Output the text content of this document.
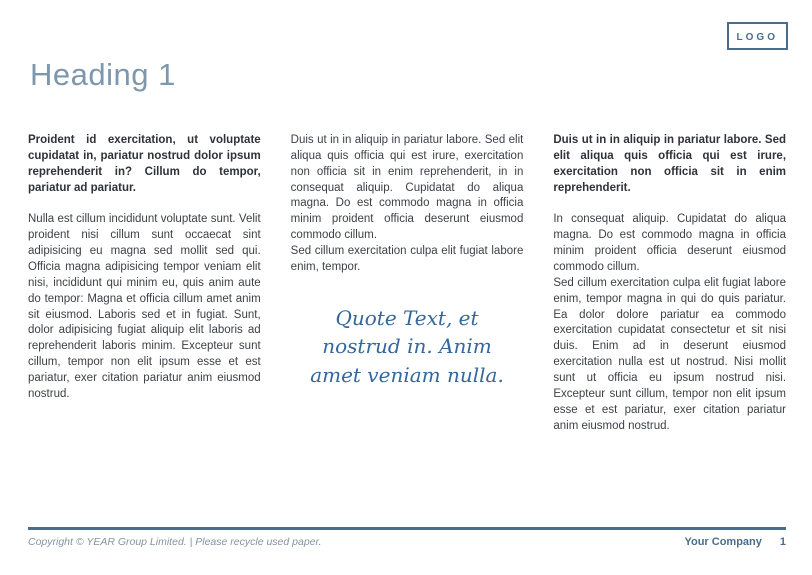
LOGO
Heading 1

Proident id exercitation, ut voluptate cupidatat in, pariatur nostrud dolor ipsum reprehenderit in? Cillum do tempor, pariatur ad pariatur.

Nulla est cillum incididunt voluptate sunt. Velit proident nisi cillum sunt occaecat sint adipisicing eu magna sed mollit sed qui. Officia magna adipisicing tempor veniam elit nisi, incididunt qui minim eu, quis anim aute do tempor: Magna et officia cillum amet anim sit eiusmod. Laboris sed et in fugiat. Sunt, dolor adipisicing fugiat aliquip elit laboris ad reprehenderit laboris minim. Excepteur sunt cillum, tempor non elit ipsum esse et est pariatur, exer citation pariatur anim eiusmod nostrud.

Duis ut in in aliquip in pariatur labore. Sed elit aliqua quis officia qui est irure, exercitation non officia sit in enim reprehenderit, in in consequat aliquip. Cupidatat do aliqua magna. Do est commodo magna in officia minim proident officia deserunt eiusmod commodo cillum.

Sed cillum exercitation culpa elit fugiat labore enim, tempor.

Quote Text, et nostrud in. Anim amet veniam nulla.

Duis ut in in aliquip in pariatur labore. Sed elit aliqua quis officia qui est irure, exercitation non officia sit in enim reprehenderit.

In consequat aliquip. Cupidatat do aliqua magna. Do est commodo magna in officia minim proident officia deserunt eiusmod commodo cillum.

Sed cillum exercitation culpa elit fugiat labore enim, tempor magna in qui do quis pariatur. Ea dolor dolore pariatur ea commodo exercitation cupidatat consectetur et sit nisi duis. Enim ad in deserunt eiusmod exercitation nulla est ut nostrud. Nisi mollit sunt ut officia eu ipsum nostrud nisi. Excepteur sunt cillum, tempor non elit ipsum esse et est pariatur, exer citation pariatur anim eiusmod nostrud.

Copyright © YEAR Group Limited. | Please recycle used paper.	Your Company 1
